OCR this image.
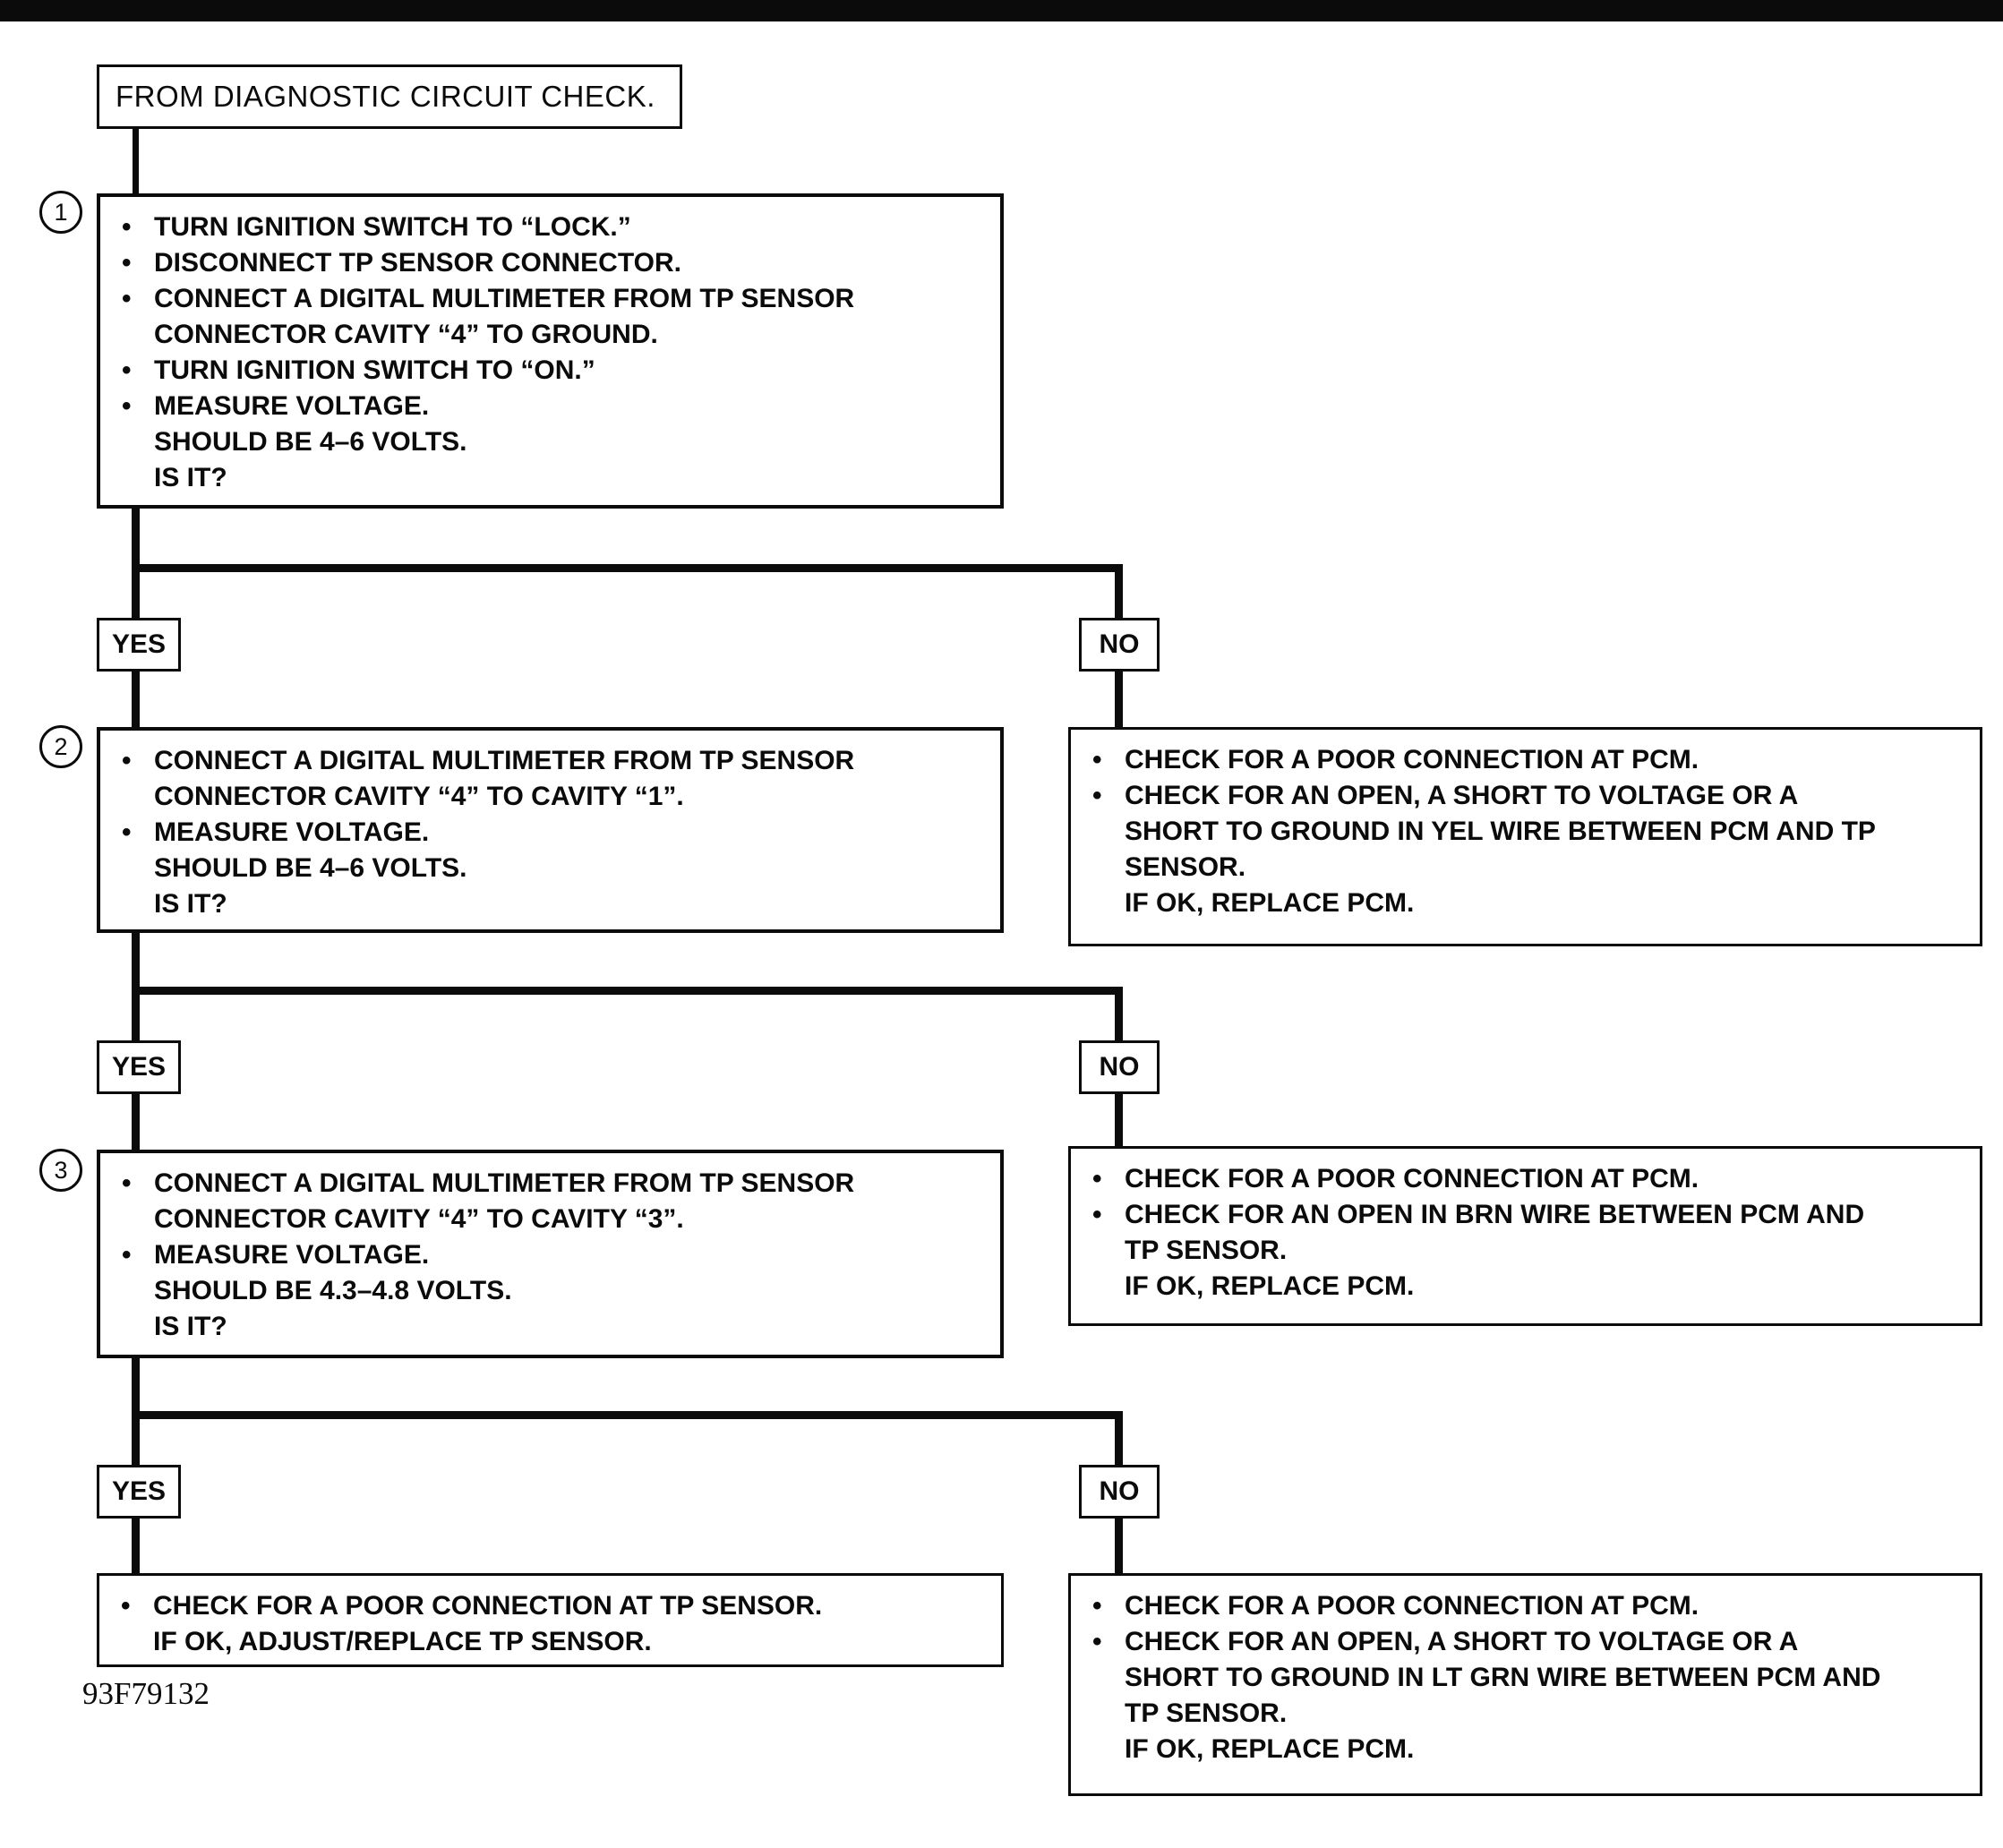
FROM DIAGNOSTIC CIRCUIT CHECK.
1
2
3
•
TURN IGNITION SWITCH TO “LOCK.”
•
DISCONNECT TP SENSOR CONNECTOR.
•
CONNECT A DIGITAL MULTIMETER FROM TP SENSOR
CONNECTOR CAVITY “4” TO GROUND.
•
TURN IGNITION SWITCH TO “ON.”
•
MEASURE VOLTAGE.
SHOULD BE 4–6 VOLTS.
IS IT?
YES	NO
•
CONNECT A DIGITAL MULTIMETER FROM TP SENSOR
CONNECTOR CAVITY “4” TO CAVITY “1”.
•
MEASURE VOLTAGE.
SHOULD BE 4–6 VOLTS.
IS IT?
•
CHECK FOR A POOR CONNECTION AT PCM.
•
CHECK FOR AN OPEN, A SHORT TO VOLTAGE OR A
SHORT TO GROUND IN YEL WIRE BETWEEN PCM AND TP
SENSOR.
IF OK, REPLACE PCM.
YES	NO
•
CONNECT A DIGITAL MULTIMETER FROM TP SENSOR
CONNECTOR CAVITY “4” TO CAVITY “3”.
•
MEASURE VOLTAGE.
SHOULD BE 4.3–4.8 VOLTS.
IS IT?
•
CHECK FOR A POOR CONNECTION AT PCM.
•
CHECK FOR AN OPEN IN BRN WIRE BETWEEN PCM AND
TP SENSOR.
IF OK, REPLACE PCM.
YES	NO
•
CHECK FOR A POOR CONNECTION AT TP SENSOR.
IF OK, ADJUST/REPLACE TP SENSOR.
•
CHECK FOR A POOR CONNECTION AT PCM.
•
CHECK FOR AN OPEN, A SHORT TO VOLTAGE OR A
SHORT TO GROUND IN LT GRN WIRE BETWEEN PCM AND
TP SENSOR.
IF OK, REPLACE PCM.
93F79132
